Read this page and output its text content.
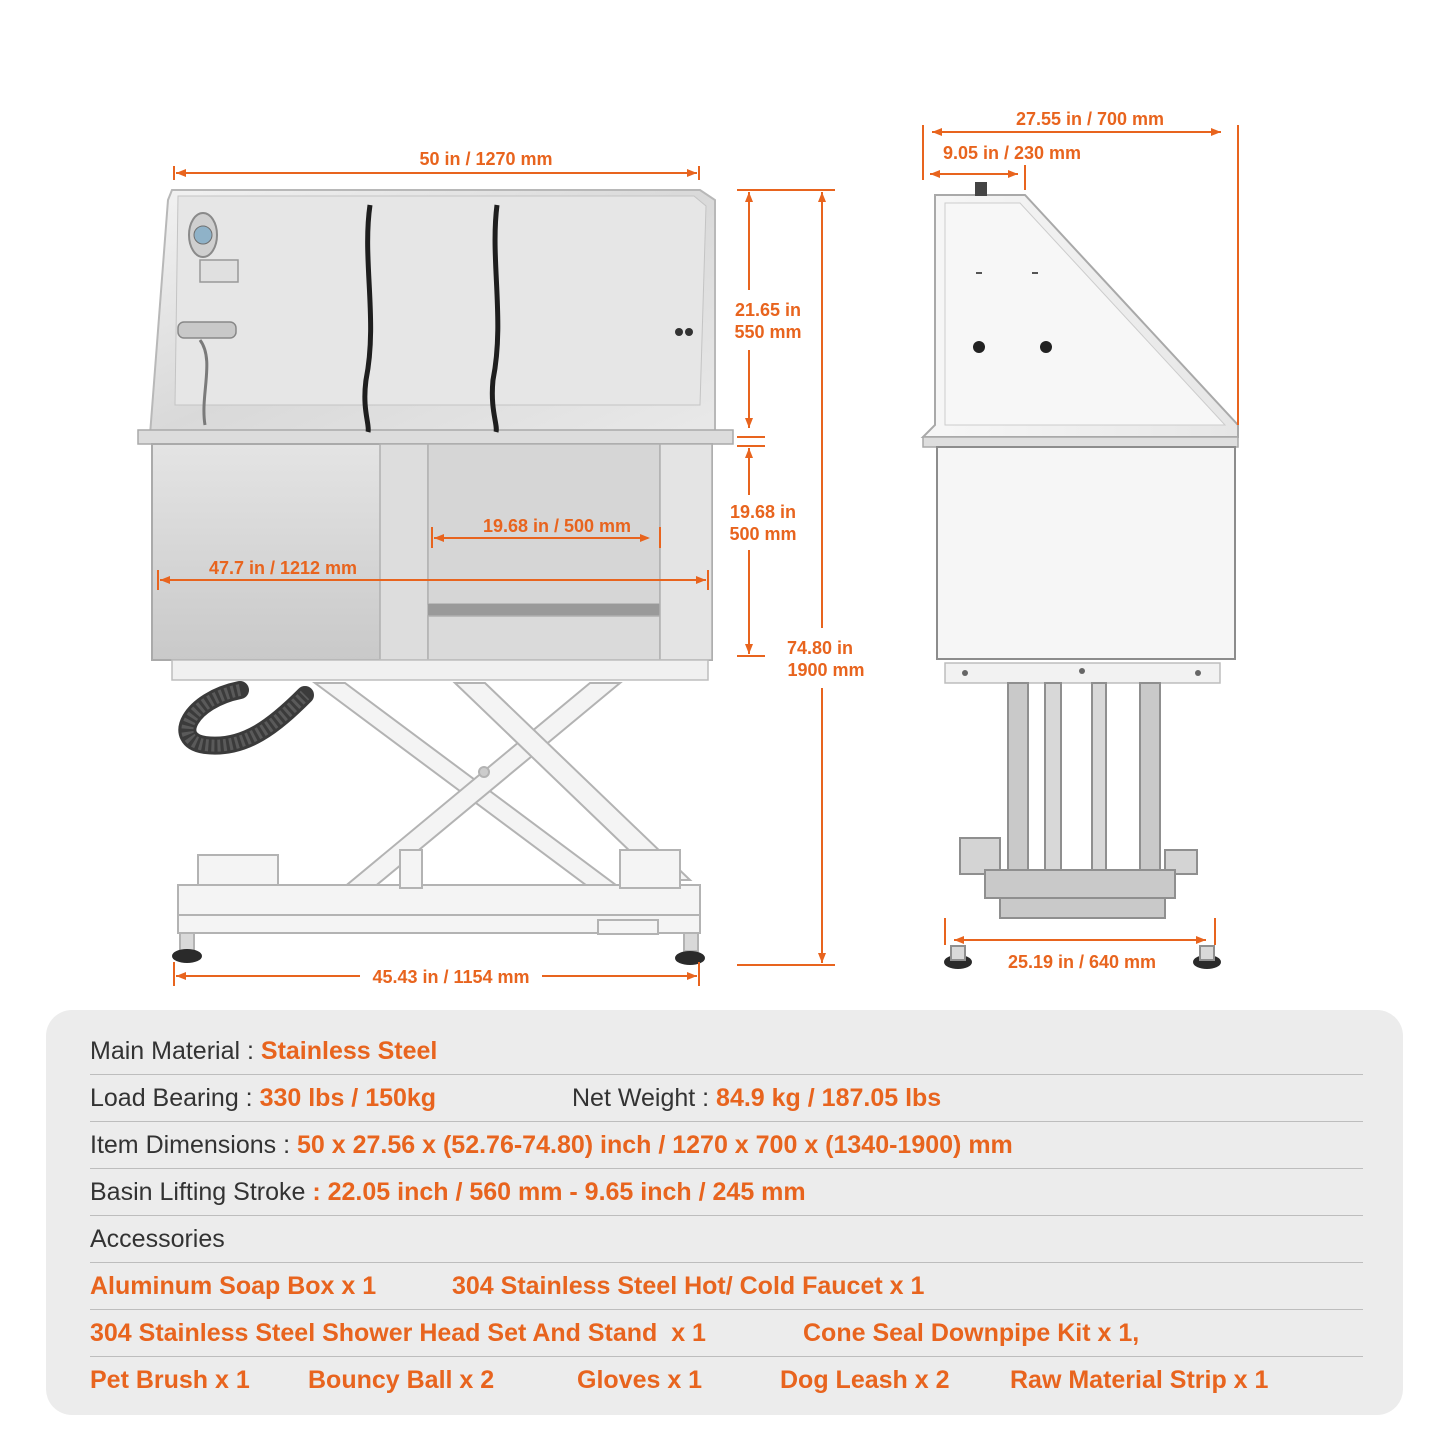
50 in / 1270 mm
21.65 in
550 mm
19.68 in
500 mm
74.80 in
1900 mm
19.68 in / 500 mm
47.7 in / 1212 mm
45.43 in / 1154 mm
27.55 in / 700 mm
9.05 in / 230 mm
25.19 in / 640 mm
Main Material : Stainless Steel
Load Bearing : 330 lbs / 150kg	Net Weight : 84.9 kg / 187.05 lbs
Item Dimensions : 50 x 27.56 x (52.76-74.80) inch / 1270 x 700 x (1340-1900) mm
Basin Lifting Stroke : 22.05 inch / 560 mm - 9.65 inch / 245 mm
Accessories
Aluminum Soap Box x 1	304 Stainless Steel Hot/ Cold Faucet x 1
304 Stainless Steel Shower Head Set And Stand  x 1	Cone Seal Downpipe Kit x 1,
Pet Brush x 1 Bouncy Ball x 2	Gloves x 1	Dog Leash x 2 Raw Material Strip x 1
